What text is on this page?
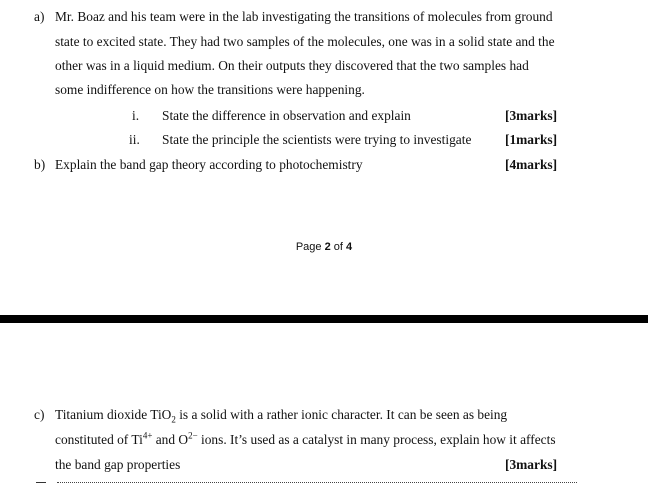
a) Mr. Boaz and his team were in the lab investigating the transitions of molecules from ground
state to excited state. They had two samples of the molecules, one was in a solid state and the
other was in a liquid medium. On their outputs they discovered that the two samples had
some indifference on how the transitions were happening.
i. State the difference in observation and explain	[3marks]
ii. State the principle the scientists were trying to investigate	[1marks]
b) Explain the band gap theory according to photochemistry	[4marks]
Page 2 of 4
c) Titanium dioxide TiO$_2$ is a solid with a rather ionic character. It can be seen as being
constituted of $Ti^{4+}$ and $O^{2-}$ ions. It’s used as a catalyst in many process, explain how it affects
the band gap properties	[3marks]
